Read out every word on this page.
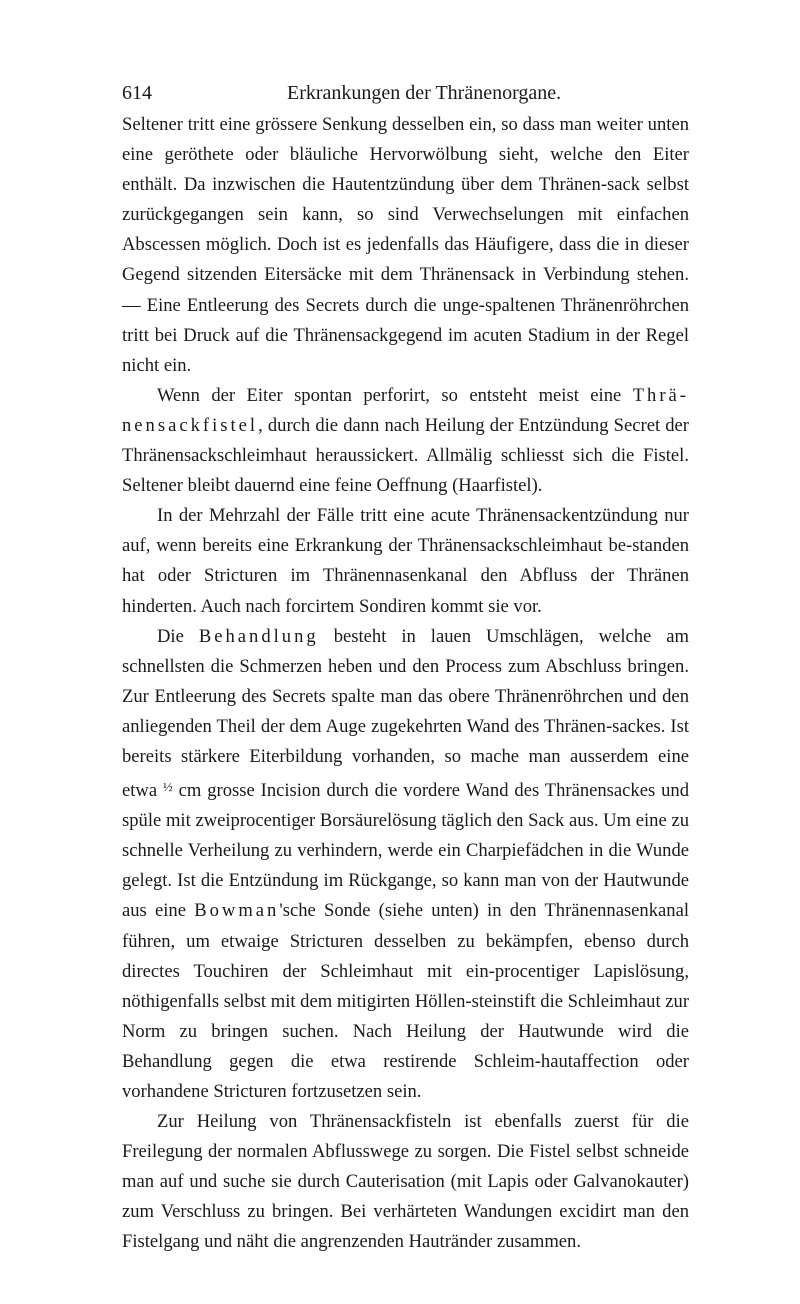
614	Erkrankungen der Thränenorgane.

Seltener tritt eine grössere Senkung desselben ein, so dass man weiter unten eine geröthete oder bläuliche Hervorwölbung sieht, welche den Eiter enthält. Da inzwischen die Hautentzündung über dem Thränen-sack selbst zurückgegangen sein kann, so sind Verwechselungen mit einfachen Abscessen möglich. Doch ist es jedenfalls das Häufigere, dass die in dieser Gegend sitzenden Eitersäcke mit dem Thränensack in Verbindung stehen. — Eine Entleerung des Secrets durch die unge-spaltenen Thränenröhrchen tritt bei Druck auf die Thränensackgegend im acuten Stadium in der Regel nicht ein.

Wenn der Eiter spontan perforirt, so entsteht meist eine Thrä-nensackfistel, durch die dann nach Heilung der Entzündung Secret der Thränensackschleimhaut heraussickert. Allmälig schliesst sich die Fistel. Seltener bleibt dauernd eine feine Oeffnung (Haarfistel).

In der Mehrzahl der Fälle tritt eine acute Thränensackentzündung nur auf, wenn bereits eine Erkrankung der Thränensackschleimhaut be-standen hat oder Stricturen im Thränennasenkanal den Abfluss der Thränen hinderten. Auch nach forcirtem Sondiren kommt sie vor.

Die Behandlung besteht in lauen Umschlägen, welche am schnellsten die Schmerzen heben und den Process zum Abschluss bringen. Zur Entleerung des Secrets spalte man das obere Thränenröhrchen und den anliegenden Theil der dem Auge zugekehrten Wand des Thränen-sackes. Ist bereits stärkere Eiterbildung vorhanden, so mache man ausserdem eine etwa $^{\frac{1}{2}}$ cm grosse Incision durch die vordere Wand des Thränensackes und spüle mit zweiprocentiger Borsäurelösung täglich den Sack aus. Um eine zu schnelle Verheilung zu verhindern, werde ein Charpiefädchen in die Wunde gelegt. Ist die Entzündung im Rückgange, so kann man von der Hautwunde aus eine Bowman'sche Sonde (siehe unten) in den Thränennasenkanal führen, um etwaige Stricturen desselben zu bekämpfen, ebenso durch directes Touchiren der Schleimhaut mit ein-procentiger Lapislösung, nöthigenfalls selbst mit dem mitigirten Höllen-steinstift die Schleimhaut zur Norm zu bringen suchen. Nach Heilung der Hautwunde wird die Behandlung gegen die etwa restirende Schleim-hautaffection oder vorhandene Stricturen fortzusetzen sein.

Zur Heilung von Thränensackfisteln ist ebenfalls zuerst für die Freilegung der normalen Abflusswege zu sorgen. Die Fistel selbst schneide man auf und suche sie durch Cauterisation (mit Lapis oder Galvanokauter) zum Verschluss zu bringen. Bei verhärteten Wandungen excidirt man den Fistelgang und näht die angrenzenden Hautränder zusammen.
